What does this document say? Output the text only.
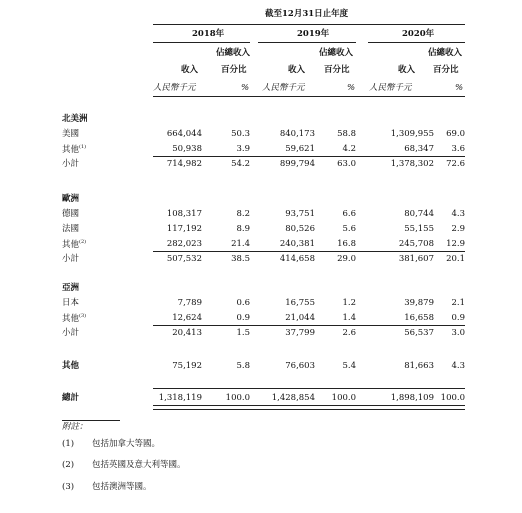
截至12月31日止年度
2018年	2019年	2020年
佔總收入	佔總收入	佔總收入
收入	百分比	收入 百分比	收入 百分比
人民幣千元	% 人民幣千元	% 人民幣千元	%
北美洲
美國	664,044	50.3	840,173	58.8	1,309,955 69.0
其他$^{(1)}$	50,938	3.9	59,621	4.2	68,347 3.6
小計	714,982	54.2	899,794	63.0	1,378,302 72.6
歐洲
德國	108,317	8.2	93,751	6.6	80,744 4.3
法國	117,192	8.9	80,526	5.6	55,155 2.9
其他$^{(2)}$	282,023	21.4	240,381	16.8	245,708 12.9
小計	507,532	38.5	414,658	29.0	381,607 20.1
亞洲
日本	7,789	0.6	16,755	1.2	39,879 2.1
其他$^{(3)}$	12,624	0.9	21,044	1.4	16,658 0.9
小計	20,413	1.5	37,799	2.6	56,537 3.0
其他	75,192	5.8	76,603	5.4	81,663 4.3
總計	1,318,119	100.0	1,428,854 100.0	1,898,109 100.0
附註：
(1) 包括加拿大等國。
(2) 包括英國及意大利等國。
(3) 包括澳洲等國。
